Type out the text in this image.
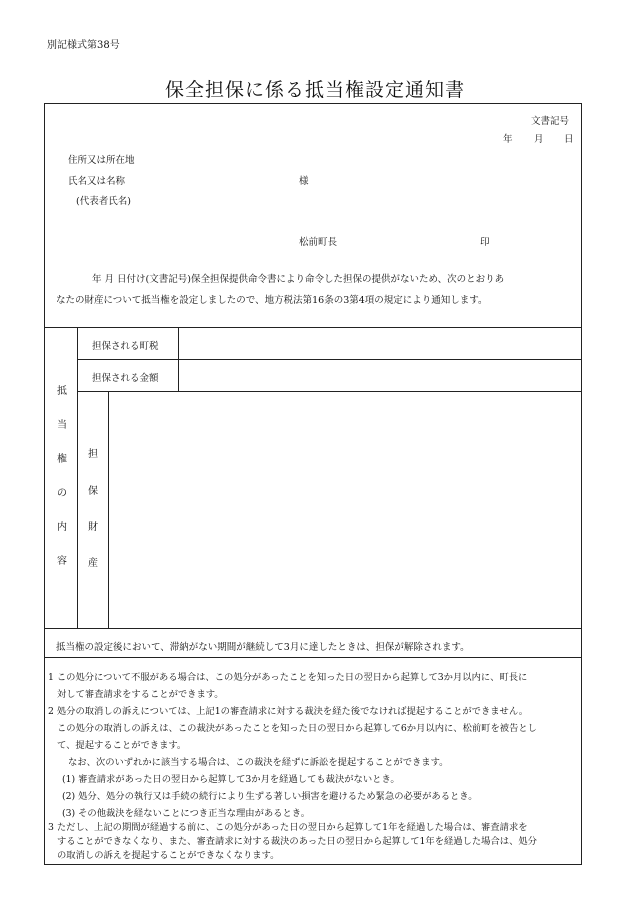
別記様式第38号
保全担保に係る抵当権設定通知書
文書記号
年 月 日
住所又は所在地
氏名又は名称	様
(代表者氏名)
松前町長	印
年 月 日付け(文書記号)保全担保提供命令書により命令した担保の提供がないため、次のとおりあ
なたの財産について抵当権を設定しましたので、地方税法第16条の3第4項の規定により通知します。
担保される町税
担保される金額
抵
当
権
の
内
容
担
保
財
産
抵当権の設定後において、滞納がない期間が継続して3月に達したときは、担保が解除されます。
1 この処分について不服がある場合は、この処分があったことを知った日の翌日から起算して3か月以内に、町長に
対して審査請求をすることができます。
2 処分の取消しの訴えについては、上記1の審査請求に対する裁決を経た後でなければ提起することができません。
この処分の取消しの訴えは、この裁決があったことを知った日の翌日から起算して6か月以内に、松前町を被告とし
て、提起することができます。
なお、次のいずれかに該当する場合は、この裁決を経ずに訴訟を提起することができます。
(1) 審査請求があった日の翌日から起算して3か月を経過しても裁決がないとき。
(2) 処分、処分の執行又は手続の続行により生ずる著しい損害を避けるため緊急の必要があるとき。
(3) その他裁決を経ないことにつき正当な理由があるとき。
3 ただし、上記の期間が経過する前に、この処分があった日の翌日から起算して1年を経過した場合は、審査請求を
することができなくなり、また、審査請求に対する裁決のあった日の翌日から起算して1年を経過した場合は、処分
の取消しの訴えを提起することができなくなります。
